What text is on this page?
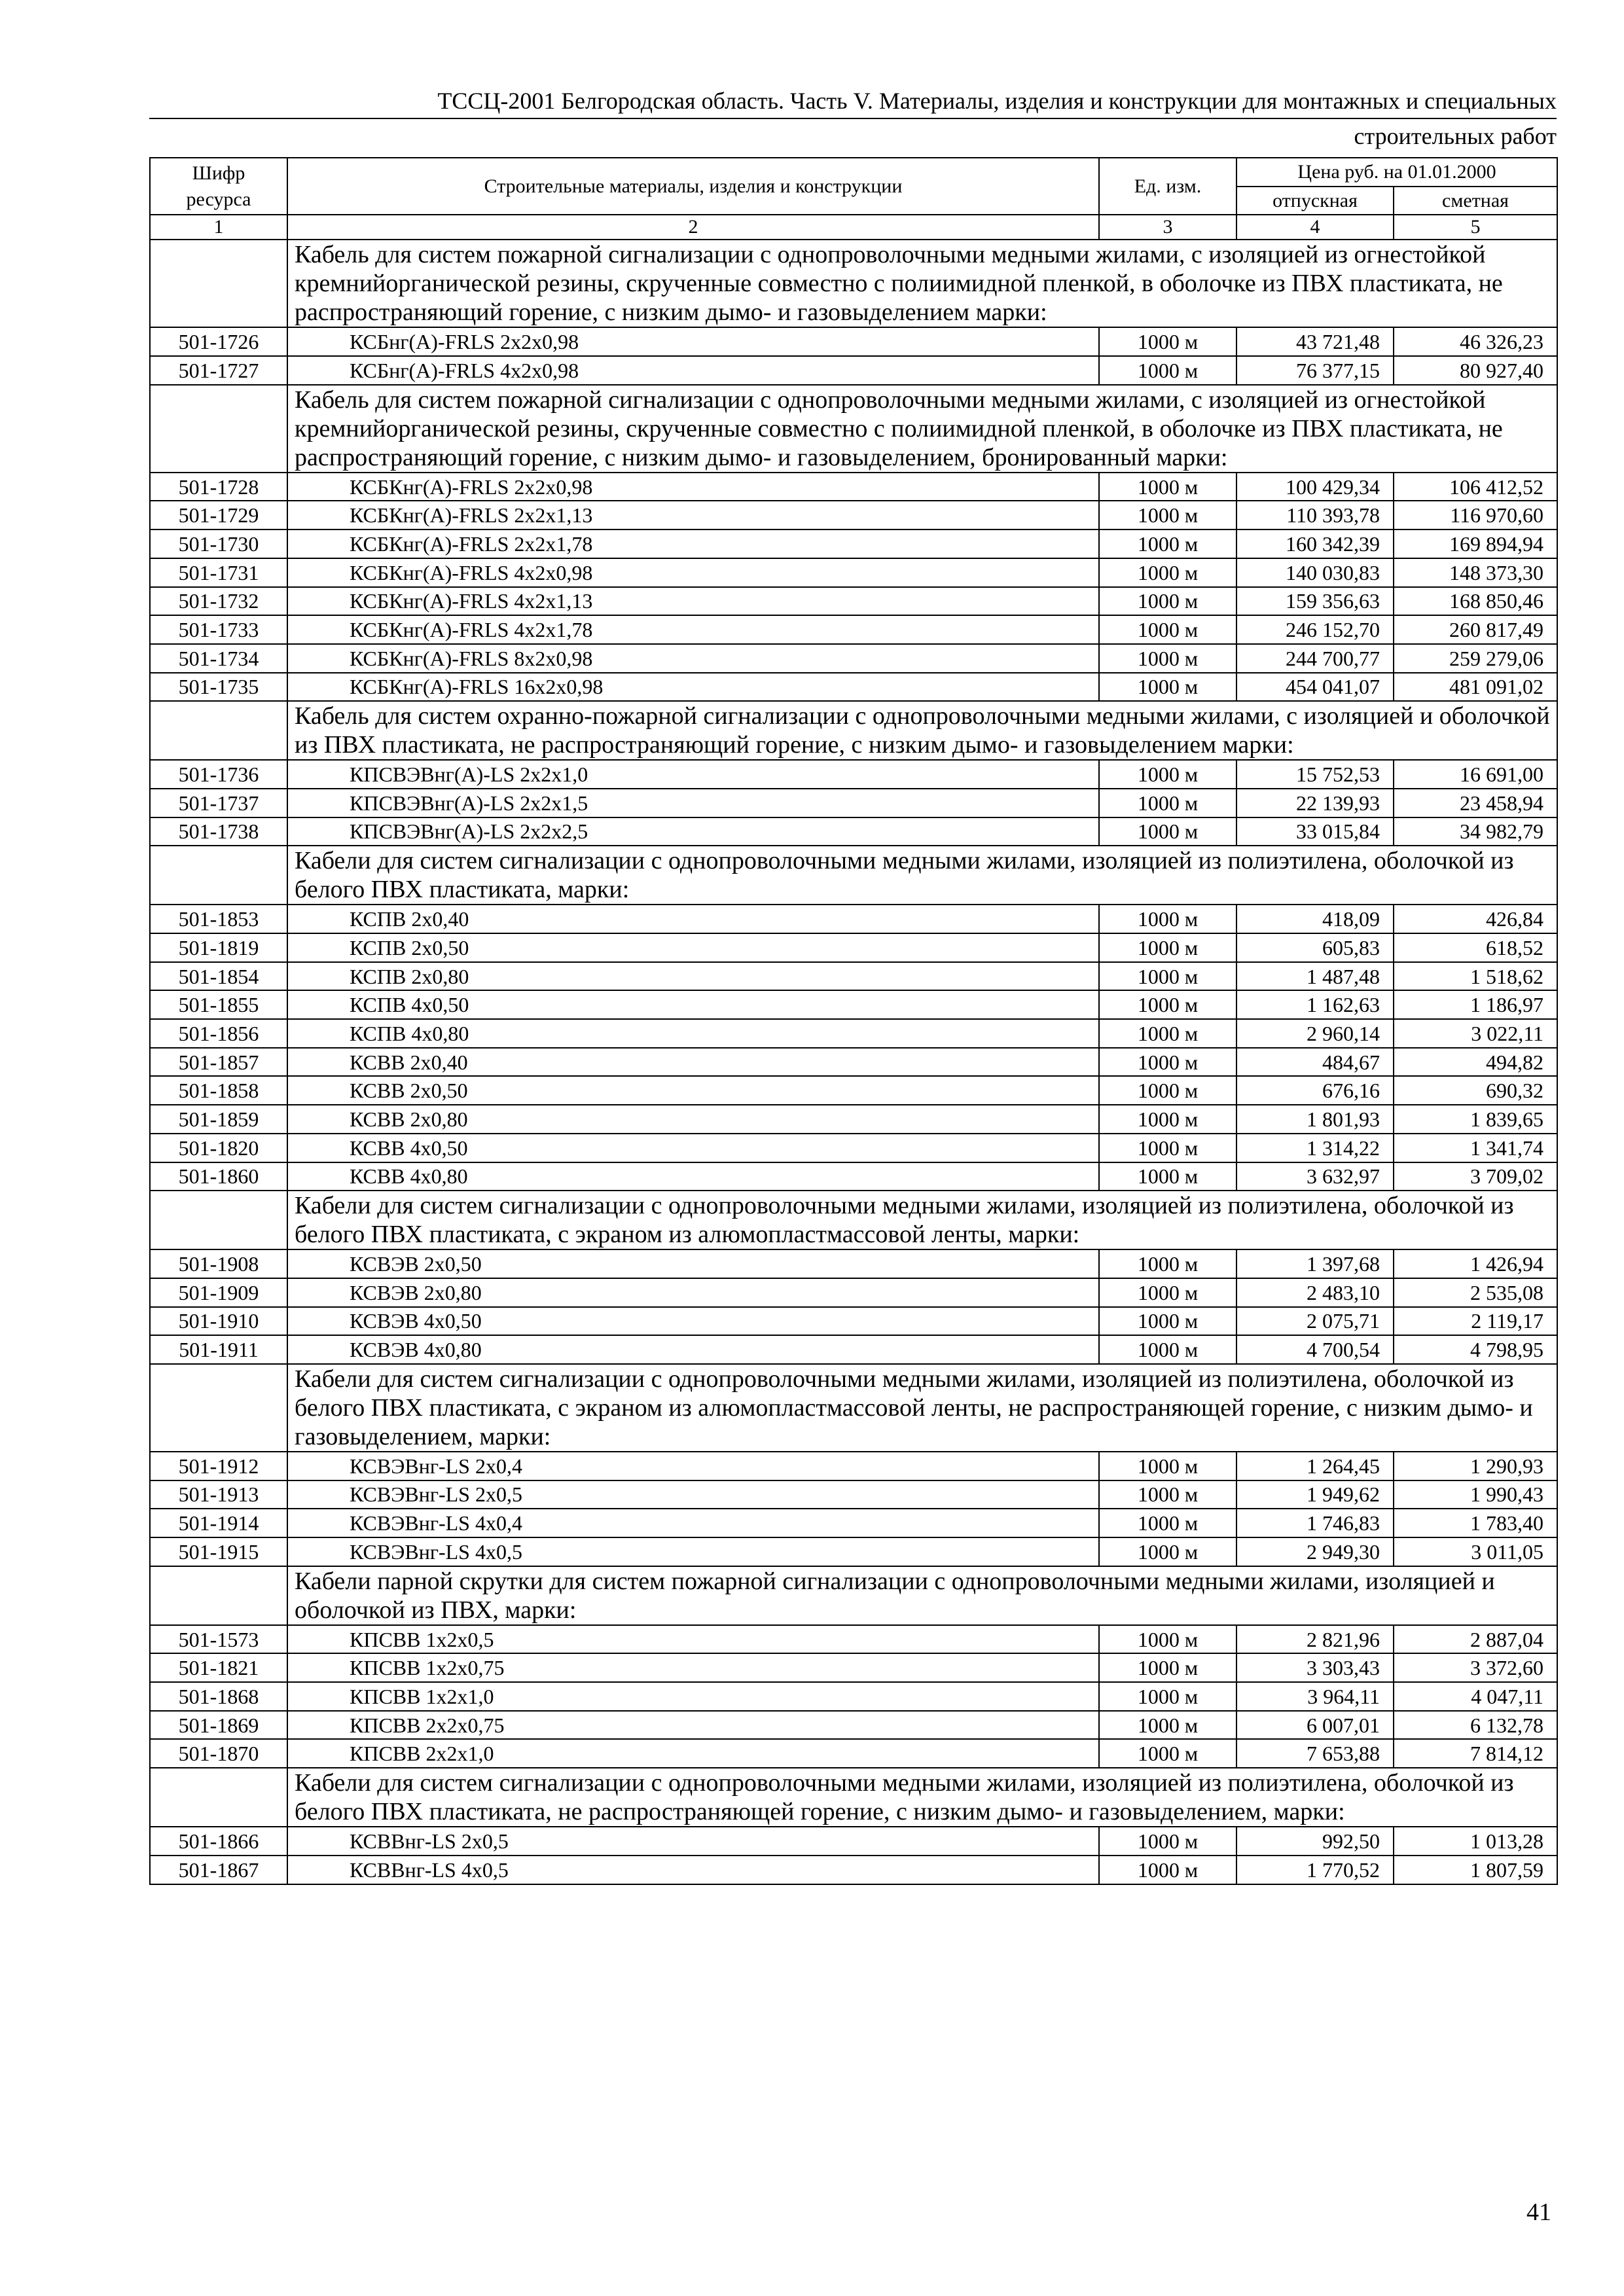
ТССЦ-2001 Белгородская область. Часть V. Материалы, изделия и конструкции для монтажных и специальных
строительных работ
Шифр ресурса	Строительные материалы, изделия и конструкции	Ед. изм.	Цена руб. на 01.01.2000	
			отпускная	сметная
1	2	3	4	5
	Кабель для систем пожарной сигнализации с однопроволочными медными жилами, с изоляцией из огнестойкой кремнийорганической резины, скрученные совместно с полиимидной пленкой, в оболочке из ПВХ пластиката, не распространяющий горение, с низким дымо- и газовыделением марки:			
501-1726	КСБнг(А)-FRLS 2х2х0,98	1000 м	43 721,48	46 326,23
501-1727	КСБнг(А)-FRLS 4х2х0,98	1000 м	76 377,15	80 927,40
	Кабель для систем пожарной сигнализации с однопроволочными медными жилами, с изоляцией из огнестойкой кремнийорганической резины, скрученные совместно с полиимидной пленкой, в оболочке из ПВХ пластиката, не распространяющий горение, с низким дымо- и газовыделением, бронированный марки:			
501-1728	КСБКнг(А)-FRLS 2х2х0,98	1000 м	100 429,34	106 412,52
501-1729	КСБКнг(А)-FRLS 2х2х1,13	1000 м	110 393,78	116 970,60
501-1730	КСБКнг(А)-FRLS 2х2х1,78	1000 м	160 342,39	169 894,94
501-1731	КСБКнг(А)-FRLS 4х2х0,98	1000 м	140 030,83	148 373,30
501-1732	КСБКнг(А)-FRLS 4х2х1,13	1000 м	159 356,63	168 850,46
501-1733	КСБКнг(А)-FRLS 4х2х1,78	1000 м	246 152,70	260 817,49
501-1734	КСБКнг(А)-FRLS 8х2х0,98	1000 м	244 700,77	259 279,06
501-1735	КСБКнг(А)-FRLS 16х2х0,98	1000 м	454 041,07	481 091,02
	Кабель для систем охранно-пожарной сигнализации с однопроволочными медными жилами, с изоляцией и оболочкой из ПВХ пластиката, не распространяющий горение, с низким дымо- и газовыделением марки:			
501-1736	КПСВЭВнг(А)-LS 2х2х1,0	1000 м	15 752,53	16 691,00
501-1737	КПСВЭВнг(А)-LS 2х2х1,5	1000 м	22 139,93	23 458,94
501-1738	КПСВЭВнг(А)-LS 2х2х2,5	1000 м	33 015,84	34 982,79
	Кабели для систем сигнализации с однопроволочными медными жилами, изоляцией из полиэтилена, оболочкой из белого ПВХ пластиката, марки:			
501-1853	КСПВ 2х0,40	1000 м	418,09	426,84
501-1819	КСПВ 2х0,50	1000 м	605,83	618,52
501-1854	КСПВ 2х0,80	1000 м	1 487,48	1 518,62
501-1855	КСПВ 4х0,50	1000 м	1 162,63	1 186,97
501-1856	КСПВ 4х0,80	1000 м	2 960,14	3 022,11
501-1857	КСВВ 2х0,40	1000 м	484,67	494,82
501-1858	КСВВ 2х0,50	1000 м	676,16	690,32
501-1859	КСВВ 2х0,80	1000 м	1 801,93	1 839,65
501-1820	КСВВ 4х0,50	1000 м	1 314,22	1 341,74
501-1860	КСВВ 4х0,80	1000 м	3 632,97	3 709,02
	Кабели для систем сигнализации с однопроволочными медными жилами, изоляцией из полиэтилена, оболочкой из белого ПВХ пластиката, с экраном из алюмопластмассовой ленты, марки:			
501-1908	КСВЭВ 2х0,50	1000 м	1 397,68	1 426,94
501-1909	КСВЭВ 2х0,80	1000 м	2 483,10	2 535,08
501-1910	КСВЭВ 4х0,50	1000 м	2 075,71	2 119,17
501-1911	КСВЭВ 4х0,80	1000 м	4 700,54	4 798,95
	Кабели для систем сигнализации с однопроволочными медными жилами, изоляцией из полиэтилена, оболочкой из белого ПВХ пластиката, с экраном из алюмопластмассовой ленты, не распространяющей горение, с низким дымо- и газовыделением, марки:			
501-1912	КСВЭВнг-LS 2х0,4	1000 м	1 264,45	1 290,93
501-1913	КСВЭВнг-LS 2х0,5	1000 м	1 949,62	1 990,43
501-1914	КСВЭВнг-LS 4х0,4	1000 м	1 746,83	1 783,40
501-1915	КСВЭВнг-LS 4х0,5	1000 м	2 949,30	3 011,05
	Кабели парной скрутки для систем пожарной сигнализации с однопроволочными медными жилами, изоляцией и оболочкой из ПВХ, марки:			
501-1573	КПСВВ 1х2х0,5	1000 м	2 821,96	2 887,04
501-1821	КПСВВ 1х2х0,75	1000 м	3 303,43	3 372,60
501-1868	КПСВВ 1х2х1,0	1000 м	3 964,11	4 047,11
501-1869	КПСВВ 2х2х0,75	1000 м	6 007,01	6 132,78
501-1870	КПСВВ 2х2х1,0	1000 м	7 653,88	7 814,12
	Кабели для систем сигнализации с однопроволочными медными жилами, изоляцией из полиэтилена, оболочкой из белого ПВХ пластиката, не распространяющей горение, с низким дымо- и газовыделением, марки:			
501-1866	КСВВнг-LS 2х0,5	1000 м	992,50	1 013,28
501-1867	КСВВнг-LS 4х0,5	1000 м	1 770,52	1 807,59
41
